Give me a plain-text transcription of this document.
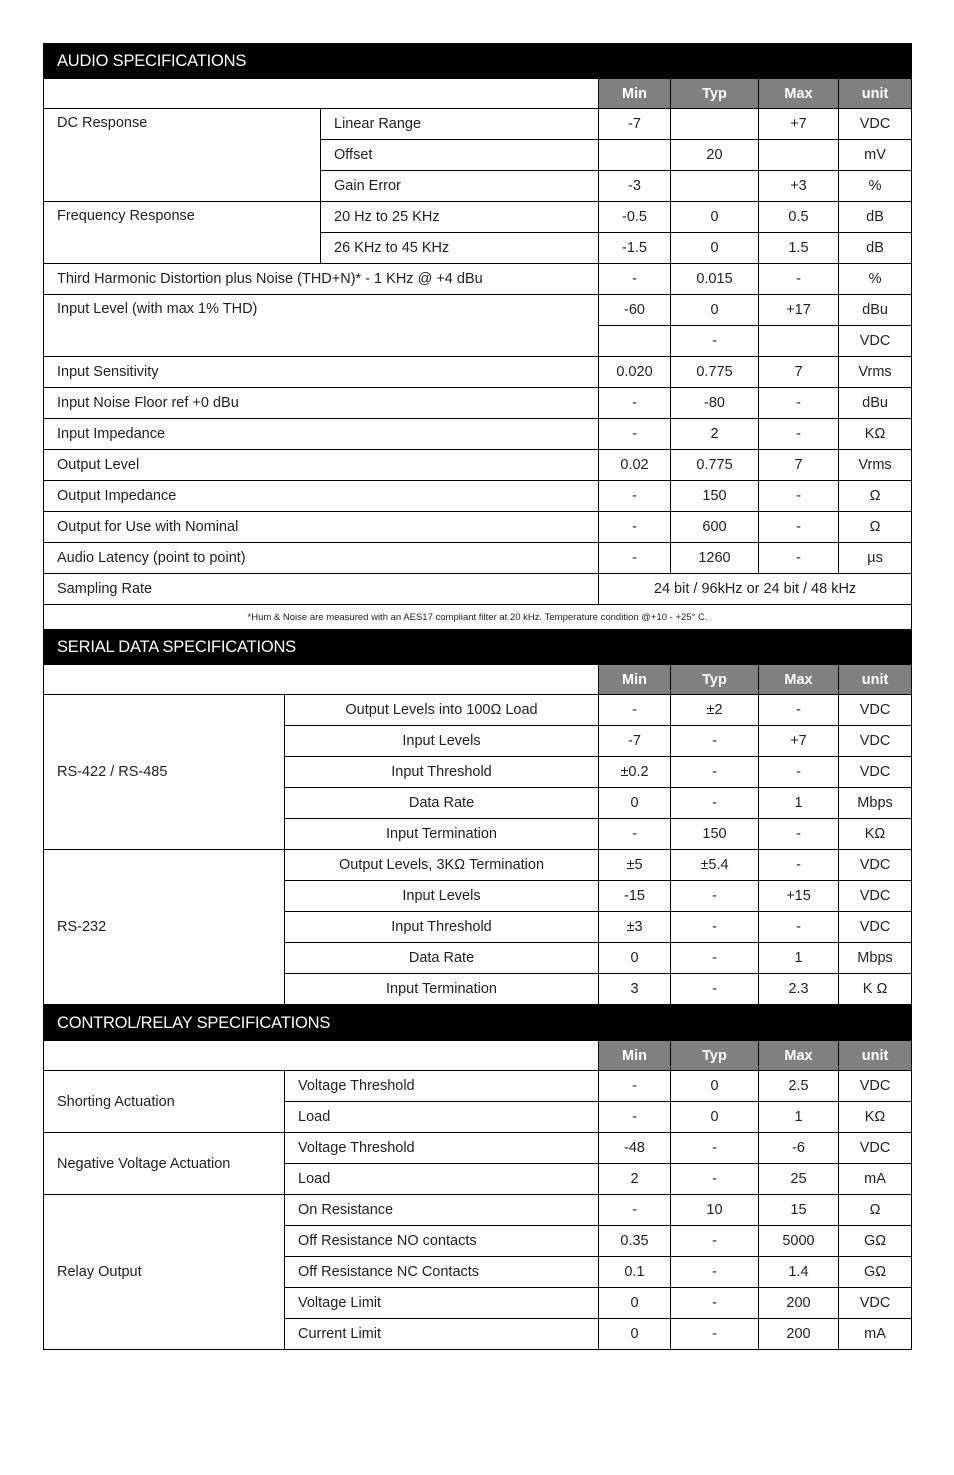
AUDIO SPECIFICATIONS					
		Min	Typ	Max	unit
DC Response	Linear Range	-7		+7	VDC
	Offset		20		mV
	Gain Error	-3		+3	%
Frequency Response	20 Hz to 25 KHz	-0.5	0	0.5	dB
	26 KHz to 45 KHz	-1.5	0	1.5	dB
Third Harmonic Distortion plus Noise (THD+N)* - 1 KHz @ +4 dBu		-	0.015	-	%
Input Level (with max 1% THD)		-60	0	+17	dBu
			-		VDC
Input Sensitivity		0.020	0.775	7	Vrms
Input Noise Floor ref +0 dBu		-	-80	-	dBu
Input Impedance		-	2	-	KΩ
Output Level		0.02	0.775	7	Vrms
Output Impedance		-	150	-	Ω
Output for Use with Nominal		-	600	-	Ω
Audio Latency (point to point)		-	1260	-	µs
Sampling Rate		24 bit / 96kHz or 24 bit / 48 kHz			
*Hum & Noise are measured with an AES17 compliant filter at 20 kHz. Temperature condition @+10 - +25° C.					
SERIAL DATA SPECIFICATIONS					
		Min	Typ	Max	unit
RS-422 / RS-485	Output Levels into 100Ω Load	-	±2	-	VDC
	Input Levels	-7	-	+7	VDC
	Input Threshold	±0.2	-	-	VDC
	Data Rate	0	-	1	Mbps
	Input Termination	-	150	-	KΩ
RS-232	Output Levels, 3KΩ Termination	±5	±5.4	-	VDC
	Input Levels	-15	-	+15	VDC
	Input Threshold	±3	-	-	VDC
	Data Rate	0	-	1	Mbps
	Input Termination	3	-	2.3	K Ω
CONTROL/RELAY SPECIFICATIONS					
		Min	Typ	Max	unit
Shorting Actuation	Voltage Threshold	-	0	2.5	VDC
	Load	-	0	1	KΩ
Negative Voltage Actuation	Voltage Threshold	-48	-	-6	VDC
	Load	2	-	25	mA
Relay Output	On Resistance	-	10	15	Ω
	Off Resistance NO contacts	0.35	-	5000	GΩ
	Off Resistance NC Contacts	0.1	-	1.4	GΩ
	Voltage Limit	0	-	200	VDC
	Current Limit	0	-	200	mA
